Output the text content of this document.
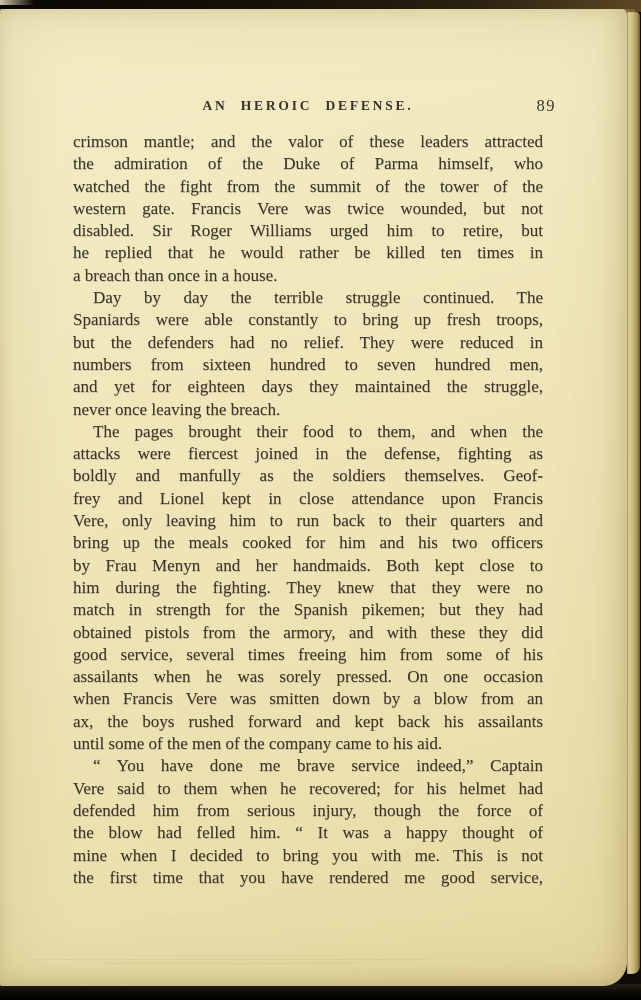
AN HEROIC DEFENSE.	89
crimson mantle; and the valor of these leaders attracted
the admiration of the Duke of Parma himself, who
watched the fight from the summit of the tower of the
western gate. Francis Vere was twice wounded, but not
disabled. Sir Roger Williams urged him to retire, but
he replied that he would rather be killed ten times in
a breach than once in a house.
Day by day the terrible struggle continued. The
Spaniards were able constantly to bring up fresh troops,
but the defenders had no relief. They were reduced in
numbers from sixteen hundred to seven hundred men,
and yet for eighteen days they maintained the struggle,
never once leaving the breach.
The pages brought their food to them, and when the
attacks were fiercest joined in the defense, fighting as
boldly and manfully as the soldiers themselves. Geof-
frey and Lionel kept in close attendance upon Francis
Vere, only leaving him to run back to their quarters and
bring up the meals cooked for him and his two officers
by Frau Menyn and her handmaids. Both kept close to
him during the fighting. They knew that they were no
match in strength for the Spanish pikemen; but they had
obtained pistols from the armory, and with these they did
good service, several times freeing him from some of his
assailants when he was sorely pressed. On one occasion
when Francis Vere was smitten down by a blow from an
ax, the boys rushed forward and kept back his assailants
until some of the men of the company came to his aid.
“ You have done me brave service indeed,” Captain
Vere said to them when he recovered; for his helmet had
defended him from serious injury, though the force of
the blow had felled him. “ It was a happy thought of
mine when I decided to bring you with me. This is not
the first time that you have rendered me good service,
